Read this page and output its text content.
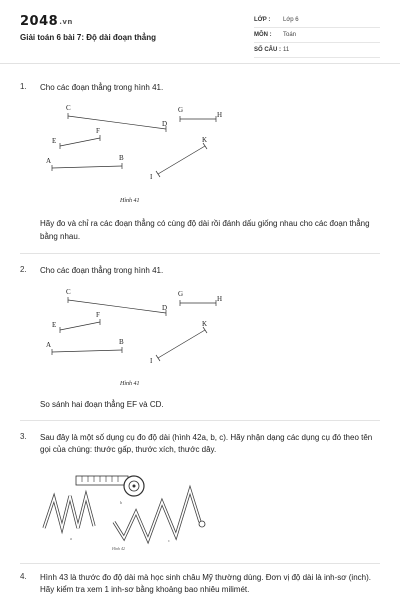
2048.vn
Giải toán 6 bài 7: Độ dài đoạn thẳng
LỚP : Lớp 6
MÔN : Toán
SỐ CÂU : 11
1. Cho các đoạn thẳng trong hình 41.
C
D
G
H
E
F
K
A	B
I
Hình 41
Hãy đo và chỉ ra các đoạn thẳng có cùng độ dài rồi đánh dấu giống nhau cho các đoạn thẳng bằng nhau.
2. Cho các đoạn thẳng trong hình 41.
C
D
G
H
E
F
K
A	B
I
Hình 41
So sánh hai đoạn thẳng EF và CD.
3. Sau đây là một số dụng cụ đo độ dài (hình 42a, b, c). Hãy nhận dạng các dụng cụ đó theo tên gọi của chúng: thước gấp, thước xích, thước dây.
a
b
c
Hình 42
4. Hình 43 là thước đo độ dài mà học sinh châu Mỹ thường dùng. Đơn vị độ dài là inh-sơ (inch). Hãy kiểm tra xem 1 inh-sơ bằng khoảng bao nhiêu milimét.
